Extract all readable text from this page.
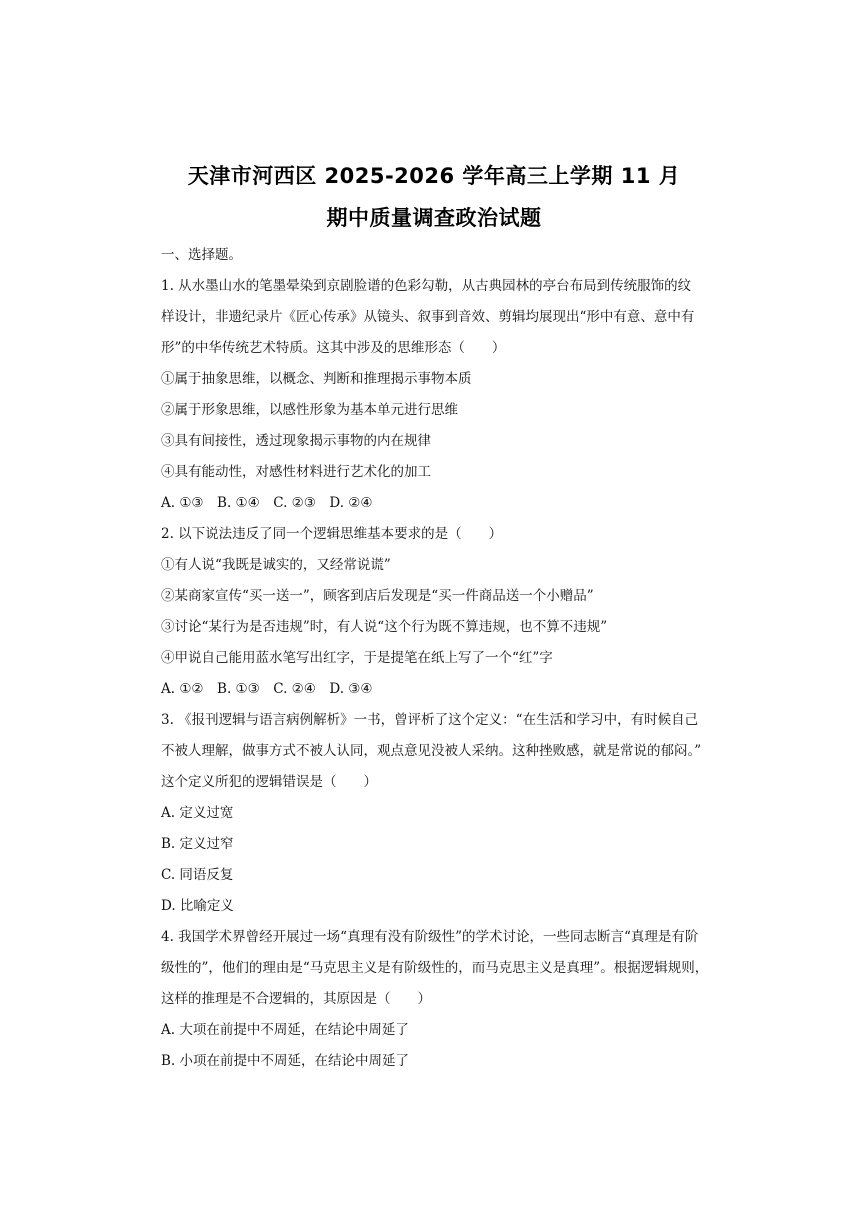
天津市河西区 2025-2026 学年高三上学期 11 月
期中质量调查政治试题

一、选择题。

1. 从水墨山水的笔墨晕染到京剧脸谱的色彩勾勒，从古典园林的亭台布局到传统服饰的纹

样设计，非遗纪录片《匠心传承》从镜头、叙事到音效、剪辑均展现出“形中有意、意中有

形”的中华传统艺术特质。这其中涉及的思维形态（　　）

①属于抽象思维，以概念、判断和推理揭示事物本质

②属于形象思维，以感性形象为基本单元进行思维

③具有间接性，透过现象揭示事物的内在规律

④具有能动性，对感性材料进行艺术化的加工

A. ①③　B. ①④　C. ②③　D. ②④

2. 以下说法违反了同一个逻辑思维基本要求的是（　　）

①有人说“我既是诚实的，又经常说谎”

②某商家宣传“买一送一”，顾客到店后发现是“买一件商品送一个小赠品”

③讨论“某行为是否违规”时，有人说“这个行为既不算违规，也不算不违规”

④甲说自己能用蓝水笔写出红字，于是提笔在纸上写了一个“红”字

A. ①②　B. ①③　C. ②④　D. ③④

3. 《报刊逻辑与语言病例解析》一书，曾评析了这个定义：“在生活和学习中，有时候自己

不被人理解，做事方式不被人认同，观点意见没被人采纳。这种挫败感，就是常说的郁闷。”

这个定义所犯的逻辑错误是（　　）

A. 定义过宽

B. 定义过窄

C. 同语反复

D. 比喻定义

4. 我国学术界曾经开展过一场“真理有没有阶级性”的学术讨论，一些同志断言“真理是有阶

级性的”，他们的理由是“马克思主义是有阶级性的，而马克思主义是真理”。根据逻辑规则，

这样的推理是不合逻辑的，其原因是（　　）

A. 大项在前提中不周延，在结论中周延了

B. 小项在前提中不周延，在结论中周延了
